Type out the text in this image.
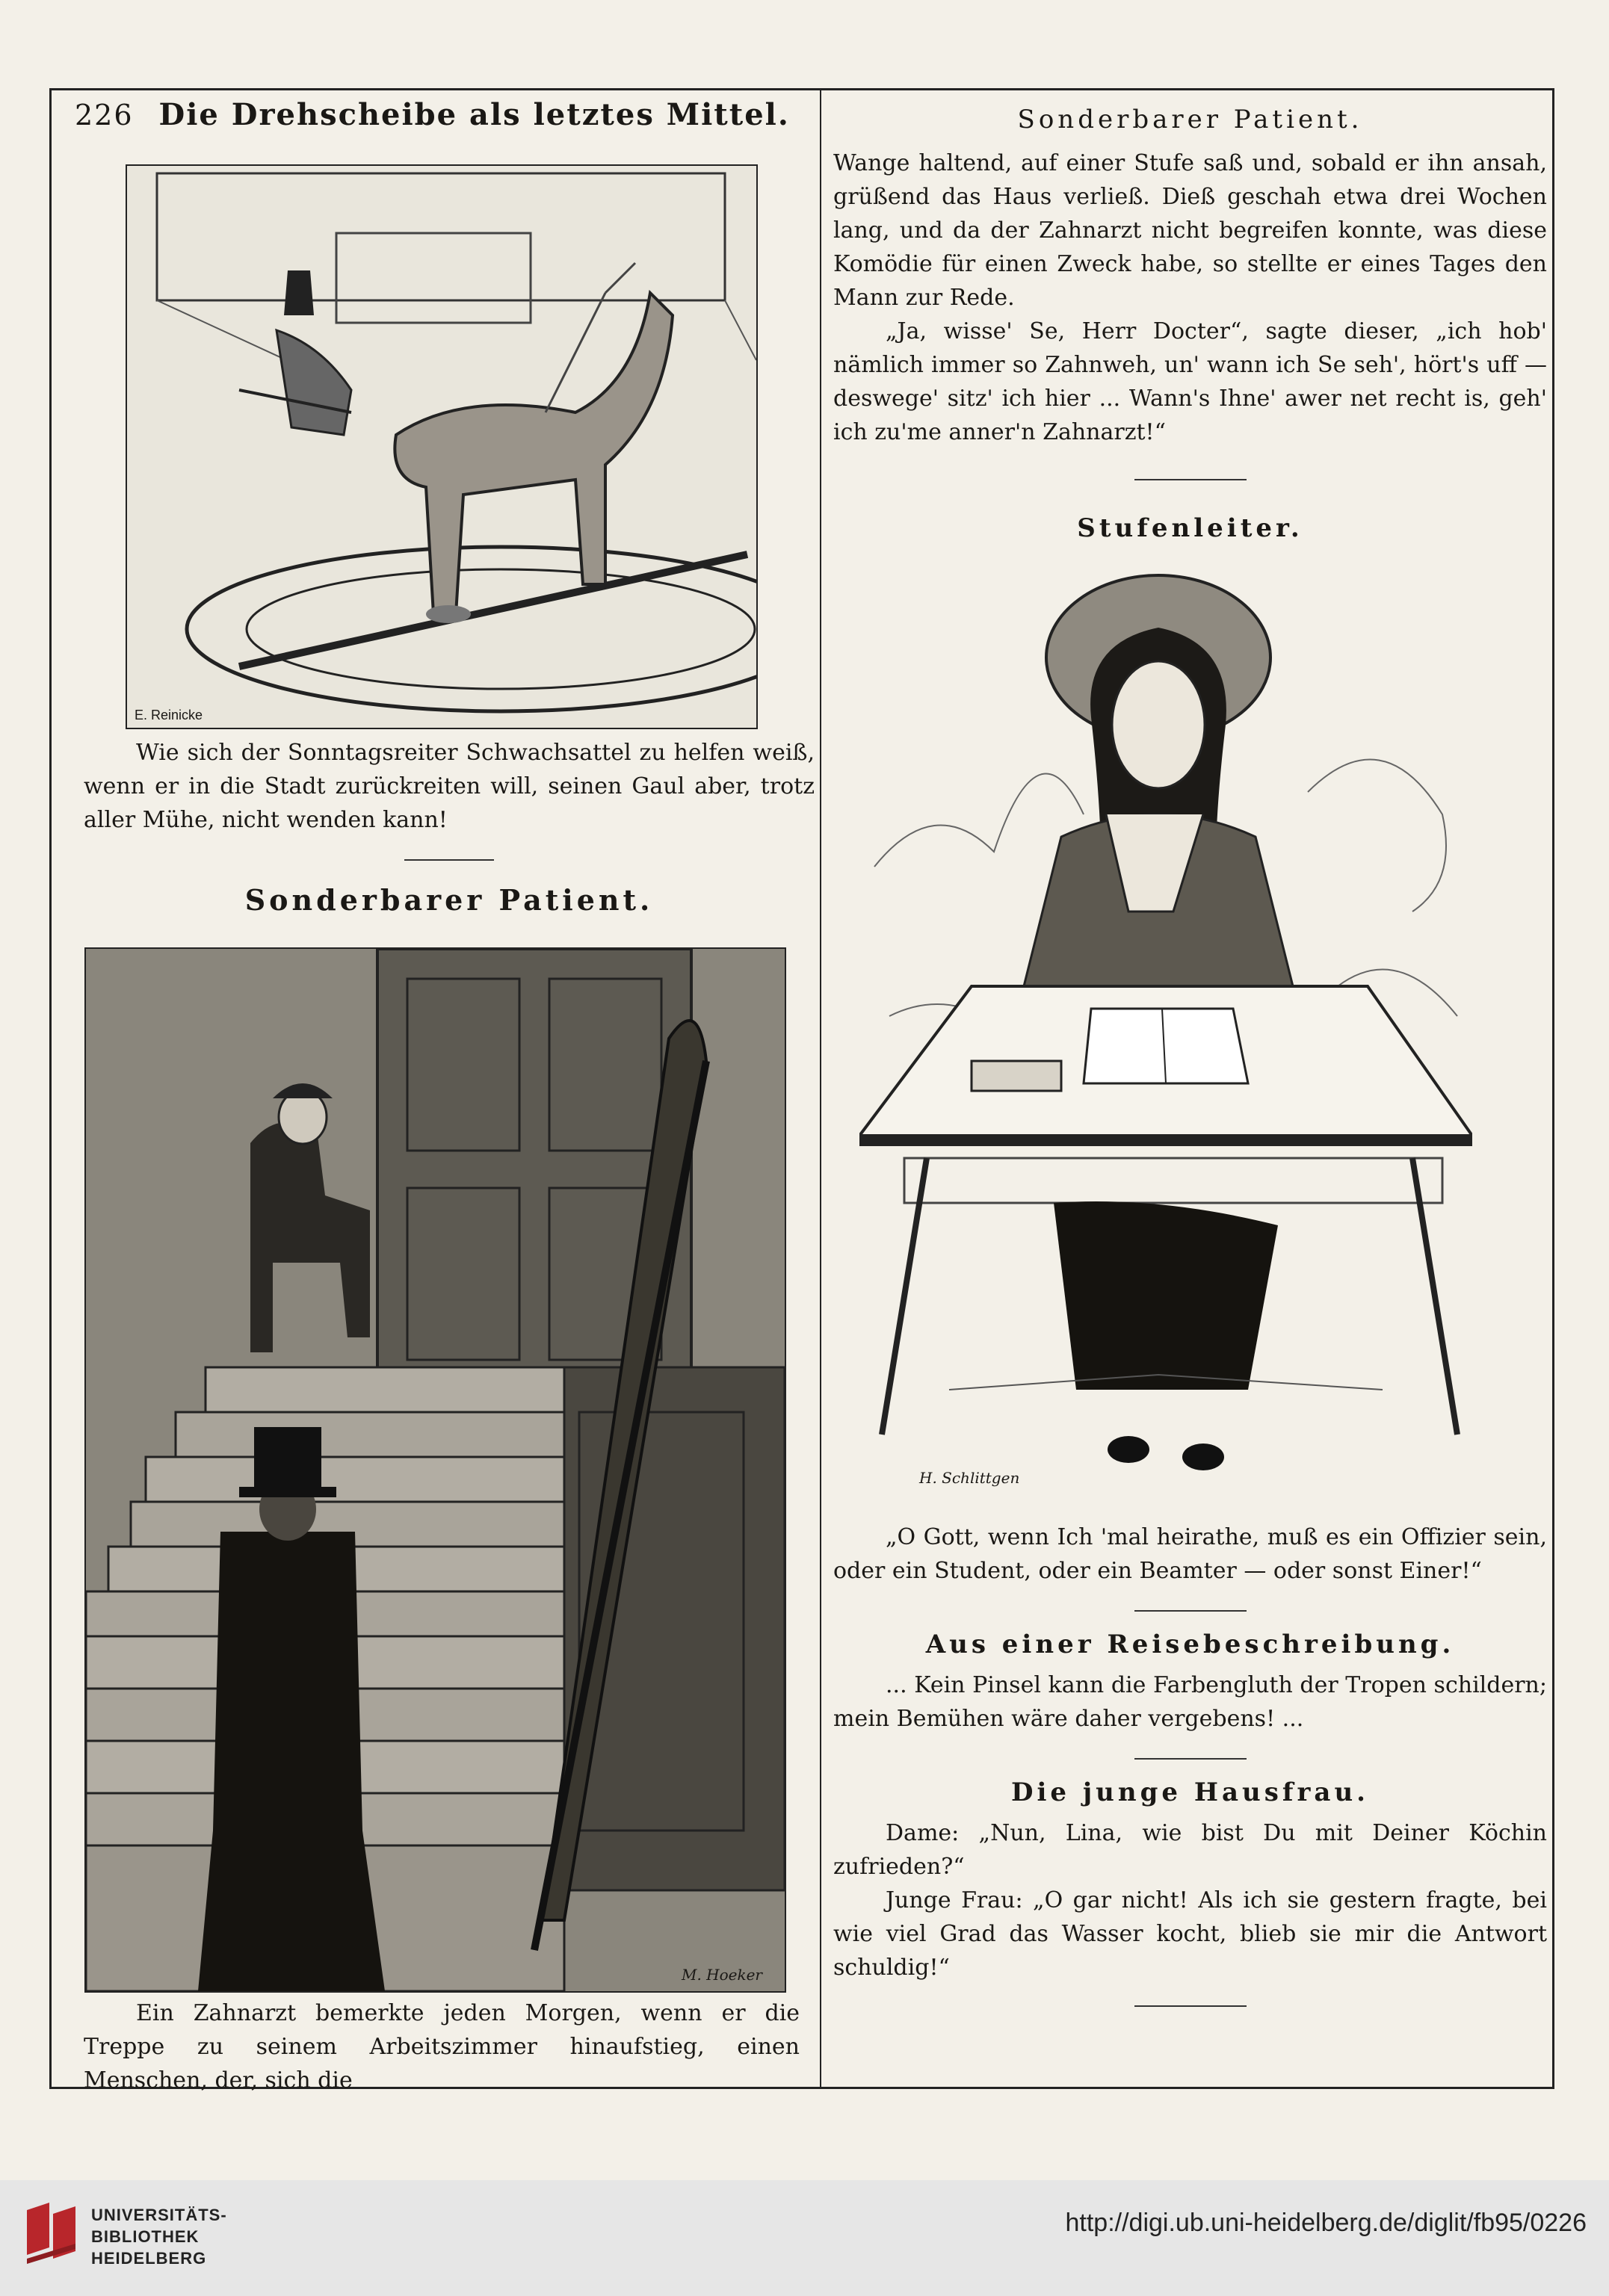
226 Die Drehscheibe als letztes Mittel.
E. Reinicke

Wie sich der Sonntagsreiter Schwachsattel zu helfen weiß, wenn er in die Stadt zurückreiten will, seinen Gaul aber, trotz aller Mühe, nicht wenden kann!

Sonderbarer Patient.
M. Hoeker

Ein Zahnarzt bemerkte jeden Morgen, wenn er die Treppe zu seinem Arbeitszimmer hinaufstieg, einen Menschen, der, sich die

Sonderbarer Patient.

Wange haltend, auf einer Stufe saß und, sobald er ihn ansah, grüßend das Haus verließ. Dieß geschah etwa drei Wochen lang, und da der Zahnarzt nicht begreifen konnte, was diese Komödie für einen Zweck habe, so stellte er eines Tages den Mann zur Rede.

„Ja, wisse' Se, Herr Docter“, sagte dieser, „ich hob' nämlich immer so Zahnweh, un' wann ich Se seh', hört's uff — deswege' sitz' ich hier ... Wann's Ihne' awer net recht is, geh' ich zu'me anner'n Zahnarzt!“

Stufenleiter.
H. Schlittgen

„O Gott, wenn Ich 'mal heirathe, muß es ein Offizier sein, oder ein Student, oder ein Beamter — oder sonst Einer!“

Aus einer Reisebeschreibung.

... Kein Pinsel kann die Farbengluth der Tropen schildern; mein Bemühen wäre daher vergebens! ...

Die junge Hausfrau.

Dame: „Nun, Lina, wie bist Du mit Deiner Köchin zufrieden?“

Junge Frau: „O gar nicht! Als ich sie gestern fragte, bei wie viel Grad das Wasser kocht, blieb sie mir die Antwort schuldig!“

UNIVERSITÄTS-
BIBLIOTHEK
HEIDELBERG
http://digi.ub.uni-heidelberg.de/diglit/fb95/0226
